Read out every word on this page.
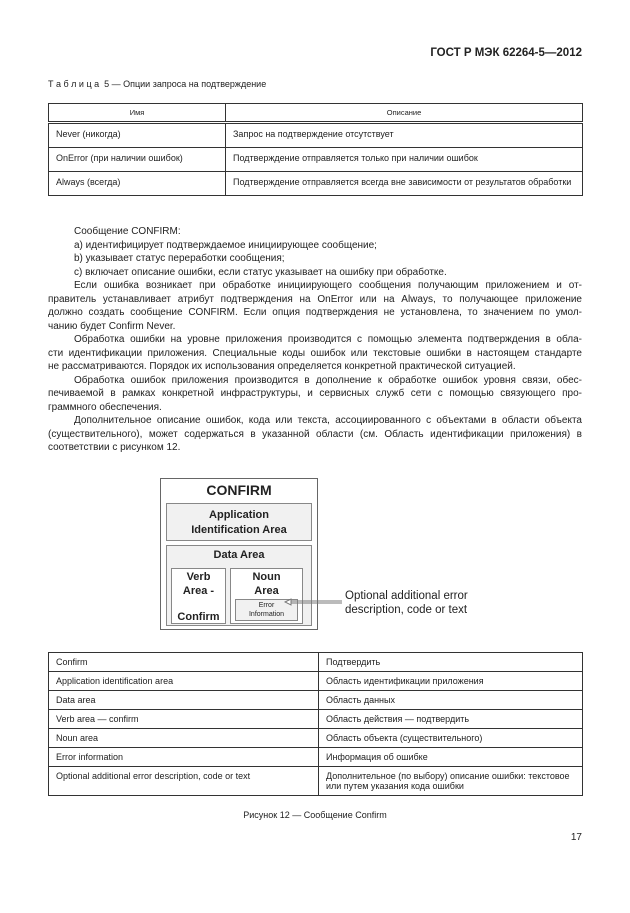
ГОСТ Р МЭК 62264-5—2012
Т а б л и ц а  5 — Опции запроса на подтверждение
Имя	Описание
Never (никогда)	Запрос на подтверждение отсутствует
OnError (при наличии ошибок)	Подтверждение отправляется только при наличии ошибок
Always (всегда)	Подтверждение отправляется всегда вне зависимости от результатов обработки
Сообщение CONFIRM:
а) идентифицирует подтверждаемое инициирующее сообщение;
b) указывает статус переработки сообщения;
с) включает описание ошибки, если статус указывает на ошибку при обработке.
Если ошибка возникает при обработке инициирующего сообщения получающим приложением и от-
правитель устанавливает атрибут подтверждения на OnError или на Always, то получающее приложение
должно создать сообщение CONFIRM. Если опция подтверждения не установлена, то значением по умол-
чанию будет Confirm Never.
Обработка ошибки на уровне приложения производится с помощью элемента подтверждения в обла-
сти идентификации приложения. Специальные коды ошибок или текстовые ошибки в настоящем стандарте
не рассматриваются. Порядок их использования определяется конкретной практической ситуацией.
Обработка ошибок приложения производится в дополнение к обработке ошибок уровня связи, обес-
печиваемой в рамках конкретной инфраструктуры, и сервисных служб сети с помощью связующего про-
граммного обеспечения.
Дополнительное описание ошибок, кода или текста, ассоциированного с объектами в области объекта
(существительного), может содержаться в указанной области (см. Область идентификации приложения) в
соответствии с рисунком 12.
CONFIRM
Application
Identification Area
Data Area
Verb
Area -
Confirm
Noun
Area
Error
Information
Optional additional error
description, code or text
Confirm	Подтвердить
Application identification area	Область идентификации приложения
Data area	Область данных
Verb area — confirm	Область действия — подтвердить
Noun area	Область объекта (существительного)
Error information	Информация об ошибке
Optional additional error description, code or text	Дополнительное (по выбору) описание ошибки: текстовое или путем указания кода ошибки
Рисунок 12 — Сообщение Confirm
17
